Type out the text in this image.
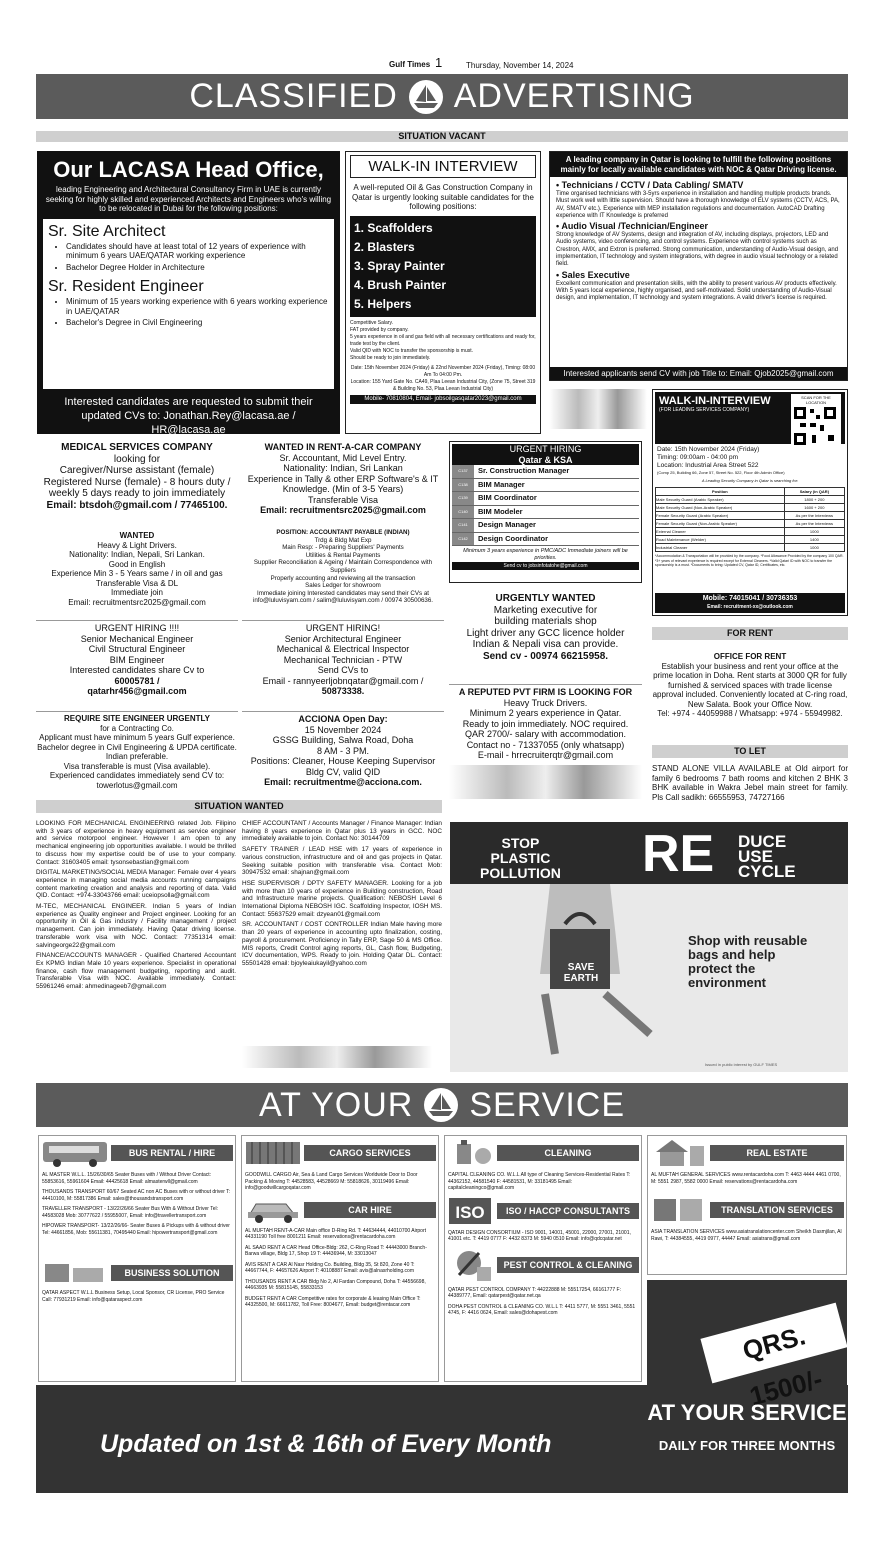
Gulf Times 1	Thursday, November 14, 2024
CLASSIFIED ADVERTISING
SITUATION VACANT
Our LACASA Head Office,
leading Engineering and Architectural Consultancy Firm in UAE is currently seeking for highly skilled and experienced Architects and Engineers who's willing to be relocated in Dubai for the following positions:
Sr. Site Architect
• Candidates should have at least total of 12 years of experience with minimum 6 years UAE/QATAR working experience
• Bachelor Degree Holder in Architecture
Sr. Resident Engineer
• Minimum of 15 years working experience with 6 years working experience in UAE/QATAR
• Bachelor's Degree in Civil Engineering
Interested candidates are requested to submit their updated CVs to: Jonathan.Rey@lacasa.ae / HR@lacasa.ae
WALK-IN INTERVIEW
A well-reputed Oil & Gas Construction Company in Qatar is urgently looking suitable candidates for the following positions:
1. Scaffolders
2. Blasters
3. Spray Painter
4. Brush Painter
5. Helpers
Competitive Salary.
FAT provided by company.
5 years experience in oil and gas field with all necessary certifications and ready for, trade test by the client.
Valid QID with NOC to transfer the sponsorship is must.
Should be ready to join immediately.
Date: 15th November 2024 (Friday) & 22nd November 2024 (Friday), Timing: 08:00 Am To 04:00 Pm.
Location: 155 Yard Gate No. CA49, Plaa Leean Industrial City, (Zone 75, Street 319 & Building No. 53, Plaa Leean Industrial City)
Mobile- 70810804, Email- jobsoilgasqatar2023@gmail.com
A leading company in Qatar is looking to fulfill the following positions mainly for locally available candidates with NOC & Qatar Driving license.
• Technicians / CCTV / Data Cabling/ SMATV
Time organised technicians with 3-5yrs experience in installation and handling multiple products brands. Must work well with little supervision. Should have a thorough knowledge of ELV systems (CCTV, ACS, PA, AV, SMATV etc.). Experience with MEP installation regulations and documentation. AutoCAD Drafting experience with IT Knowledge is preferred
• Audio Visual /Technician/Engineer
Strong knowledge of AV Systems, design and integration of AV, including displays, projectors, LED and Audio systems, video conferencing, and control systems. Experience with control systems such as Crestron, AMX, and Extron is preferred. Strong communication, understanding of Audio-Visual design, and implementation, IT technology and system integrations, with degree in audio visual technology or a related field.
• Sales Executive
Excellent communication and presentation skills, with the ability to present various AV products effectively. With 5 years local experience, highly organised, and self-motivated. Solid understanding of Audio-Visual design, and implementation, IT technology and system integrations. A valid driver's license is required.
Interested applicants send CV with job Title to: Email: Qjob2025@gmail.com
WALK-IN-INTERVIEW
(FOR LEADING SERVICES COMPANY)
SCAN FOR THE LOCATION
Date: 15th November 2024 (Friday)
Timing: 09:00am - 04:00 pm
Location: Industrial Area Street 522
(Comp 25, Building 66, Zone 57, Street No. 522, Floor 4th Admin Office)
A Leading Security Company in Qatar is searching for:
Position	Salary (in QAR)
Male Security Guard (Arabic Speaker)	1800 + 200
Male Security Guard (Non-Arabic Speaker)	1600 + 200
Female Security Guard (Arabic Speaker)	As per the Interviews
Female Security Guard (Non-Arabic Speaker)	As per the Interviews
External Cleaner	1000
Road Maintenance (Welder)	1400
Industrial Cleaner	1000
*Accommodation & Transportation will be provided by the company. *Food Allowance Provided by the company 100 QAR. *3+ years of relevant experience is required except for External Cleaners. *Valid Qatari ID with NOC to transfer the sponsorship is a must. *Documents to bring: Updated CV, Qatar ID, Certificates, etc.
Mobile: 74015041 / 30736353
Email: recruitment-xx@outlook.com
MEDICAL SERVICES COMPANY
looking for
Caregiver/Nurse assistant (female)
Registered Nurse (female) - 8 hours duty /
weekly 5 days ready to join immediately
Email: btsdoh@gmail.com / 77465100.
WANTED IN RENT-A-CAR COMPANY
Sr. Accountant, Mid Level Entry.
Nationality: Indian, Sri Lankan
Experience in Tally & other ERP Software's & IT Knowledge. (Min of 3-5 Years)
Transferable Visa
Email: recruitmentsrc2025@gmail.com
URGENT HIRING
Qatar & KSA
C137	Sr. Construction Manager
C138	BIM Manager
C139	BIM Coordinator
C140	BIM Modeler
C141	Design Manager
C142	Design Coordinator
Minimum 3 years experience in PMC/ADC Immediate joiners will be priorities.
Send cv to jobsinfotatohe@gmail.com
WANTED
Heavy & Light Drivers.
Nationality: Indian, Nepali, Sri Lankan.
Good in English
Experience Min 3 - 5 Years same / in oil and gas
Transferable Visa & DL
Immediate join
Email: recruitmentsrc2025@gmail.com
POSITION: ACCOUNTANT PAYABLE (INDIAN)
Trdg & Bldg Mat Exp
Main Resp: - Preparing Suppliers' Payments
Utilities & Rental Payments
Supplier Reconciliation & Ageing / Maintain Correspondence with Suppliers
Properly accounting and reviewing all the transaction
Sales Ledger for showroom
Immediate joining Interested candidates may send their CVs at
info@luluvisyam.com / salim@luluvisyam.com / 00974 30500636.	URGENTLY WANTED
Marketing executive for
building materials shop
Light driver any GCC licence holder
Indian & Nepali visa can provide.
Send cv - 00974 66215958.
URGENT HIRING !!!!
Senior Mechanical Engineer
Civil Structural Engineer
BIM Engineer
Interested candidates share Cv to
60005781 /
qatarhr456@gmail.com
URGENT HIRING!
Senior Architectural Engineer
Mechanical & Electrical Inspector
Mechanical Technician - PTW
Send CVs to
Email - rannyeerljobnqatar@gmail.com /
50873338.
FOR RENT
OFFICE FOR RENT
Establish your business and rent your office at the prime location in Doha. Rent starts at 3000 QR for fully furnished & serviced spaces with trade license approval included. Conveniently located at C-ring road, New Salata. Book your Office Now.
Tel: +974 - 44059988 / Whatsapp: +974 - 55949982.
A REPUTED PVT FIRM IS LOOKING FOR
Heavy Truck Drivers.
Minimum 2 years experience in Qatar.
Ready to join immediately. NOC required.
QAR 2700/- salary with accommodation.
Contact no - 71337055 (only whatsapp)
E-mail - hrrecruiterqtr@gmail.com
REQUIRE SITE ENGINEER URGENTLY
for a Contracting Co.
Applicant must have minimum 5 years Gulf experience. Bachelor degree in Civil Engineering & UPDA certificate. Indian preferable.
Visa transferable is must (Visa available).
Experienced candidates immediately send CV to:
towerlotus@gmail.com
ACCIONA Open Day:
15 November 2024
GSSG Building, Salwa Road, Doha
8 AM - 3 PM.
Positions: Cleaner, House Keeping Supervisor
Bldg CV, valid QID
Email: recruitmentme@acciona.com.
TO LET
STAND ALONE VILLA AVAILABLE at Old airport for family 6 bedrooms 7 bath rooms and kitchen 2 BHK 3 BHK available in Wakra Jebel main street for family. Pls Call sadikh: 66555953, 74727166
SITUATION WANTED
LOOKING FOR MECHANICAL ENGINEERING related Job. Filipino with 3 years of experience in heavy equipment as service engineer and service motorpool engineer. However I am open to any mechanical engineering job opportunities available. I would be thrilled to discuss how my expertise could be of use to your company. Contact: 31603405 email: tysonsebastian@gmail.com
DIGITAL MARKETING/SOCIAL MEDIA Manager: Female over 4 years experience in managing social media accounts running campaigns content marketing creation and analysis and reporting of data. Valid QID. Contact: +974-33043766 email: uceiopsolla@gmail.com
M-TEC, MECHANICAL ENGINEER. Indian 5 years of Indian experience as Quality engineer and Project engineer. Looking for an opportunity in Oil & Gas industry / Facility management / project management. Can join immediately. Having Qatar driving license. transferable work visa with NOC. Contact: 77351314 email: salvingeorge22@gmail.com
FINANCE/ACCOUNTS MANAGER - Qualified Chartered Accountant Ex KPMG Indian Male 10 years experience. Specialist in operational finance, cash flow management budgeting, reporting and audit. Transferable Visa with NOC. Available immediately. Contact: 55961246 email: ahmedinageeb7@gmail.com
CHIEF ACCOUNTANT / Accounts Manager / Finance Manager: Indian having 8 years experience in Qatar plus 13 years in GCC. NOC immediately available to join. Contact No: 30144709
SAFETY TRAINER / LEAD HSE with 17 years of experience in various construction, infrastructure and oil and gas projects in Qatar. Seeking suitable position with transferable visa. Contact Mob: 30947532 email: shajnan@gmail.com
HSE SUPERVISOR / DPTY SAFETY MANAGER. Looking for a job with more than 10 years of experience in Building construction, Road and Infrastructure marine projects. Qualification: NEBOSH Level 6 International Diploma NEBOSH IGC. Scaffolding Inspector, IOSH MS. Contact: 55637529 email: dzyean01@gmail.com
SR. ACCOUNTANT / COST CONTROLLER Indian Male having more than 20 years of experience in accounting upto finalization, costing, payroll & procurement. Proficiency in Tally ERP, Sage 50 & MS Office. MIS reports, Credit Control aging reports, GL, Cash flow, Budgeting, ICV documentation, WPS. Ready to join. Holding Qatar DL. Contact: 55501428 email: bjoyleaiukayil@yahoo.com
STOP
PLASTIC
POLLUTION RE DUCE
USE
CYCLE
SAVE EARTH
Shop with reusable bags and help protect the environment
Issued in public interest by GULF TIMES
AT YOUR SERVICE
BUS RENTAL / HIRE
AL MASTER W.L.L. 15/26/30/65 Seater Buses with / Without Driver Contact: 55853616, 55961604 Email: 44425618 Email: almasterwll@gmail.com
THOUSANDS TRANSPORT 60/67 Seated AC non AC Buses with or without driver T: 44410100, M: 55817386 Email: sales@thousandstransport.com
TRAVELLER TRANSPORT - 13/22/26/66 Seater Bus With & Without Driver Tel: 44583028 Mob: 30777622 / 55955007, Email: info@travellertransport.com
HIPOWER TRANSPORT- 13/22/26/66- Seater Buses & Pickups with & without driver Tel: 44661856, Mob: 55611381, 70495440 Email: hipowertransport@gmail.com
BUSINESS SOLUTION
QATAR ASPECT W.L.L Business Setup, Local Sponsor, CR License, PRO Service Call: 77931219 Email: info@qataraspect.com
CARGO SERVICES
GOODWILL CARGO Air, Sea & Land Cargo Services Worldwide Door to Door Packing & Moving T: 44528583, 44528669 M: 55818626, 30119496 Email: info@goodwillcargoqatar.com
CAR HIRE
AL MUFTAH RENT-A-CAR Main office D-Ring Rd. T: 44634444, 44010700 Airport 44331190 Toll free 8001211 Email: reservations@rentacardoha.com
AL SAAD RENT A CAR Head Office-Bldg: 262, C-Ring Road T: 44443000 Branch-Barwa village, Bldg 17, Shop 19 T: 44436944, M: 33013047
AVIS RENT A CAR Al Nasr Holding Co. Building, Bldg 35, St 820, Zone 40 T: 44667744, F: 44657626 Airport T: 40108887 Email: avis@alnasrholding.com
THOUSANDS RENT A CAR Bldg No 2, Al Fardan Compound, Doha T: 44556698, 44663935 M: 55815145, 55833153
BUDGET RENT A CAR Competitive rates for corporate & leasing Main Office T: 44325500, M: 66611782, Toll Free: 8004677, Email: budget@rentacar.com
CLEANING
CAPITAL CLEANING CO. W.L.L All type of Cleaning Services-Residential Rates T: 44362152, 44581540 F: 44581531, M: 33181495 Email: capitalcleaningco@gmail.com
ISO	ISO / HACCP CONSULTANTS
QATAR DESIGN CONSORTIUM - ISO 9001, 14001, 45001, 22000, 27001, 21001, 41001 etc. T: 4419 0777 F: 4432 8373 M: 5940 0510 Email: info@qdcqatar.net
PEST CONTROL & CLEANING
QATAR PEST CONTROL COMPANY T: 44222888 M: 55517254, 66161777 F: 44389777, Email: qatarpest@qatar.net.qa
DOHA PEST CONTROL & CLEANING CO. W.L.L T: 4411 5777, M: 5551 3461, 5551 4745, F: 4416 0624, Email: sales@dohapest.com
REAL ESTATE
AL MUFTAH GENERAL SERVICES www.rentacardoha.com T: 4463 4444 4461 0700, M: 5551 2987, 5582 0000 Email: reservations@rentacardoha.com
TRANSLATION SERVICES
ASIA TRANSLATION SERVICES www.asiatranslationcenter.com Sheikh Dasmjilan, Al Rawi, T: 44384555, 4419 0977, 44447 Email: asiatrans@gmail.com
QRS. 1500/-
AT YOUR SERVICE
DAILY FOR THREE MONTHS
Updated on 1st & 16th of Every Month
